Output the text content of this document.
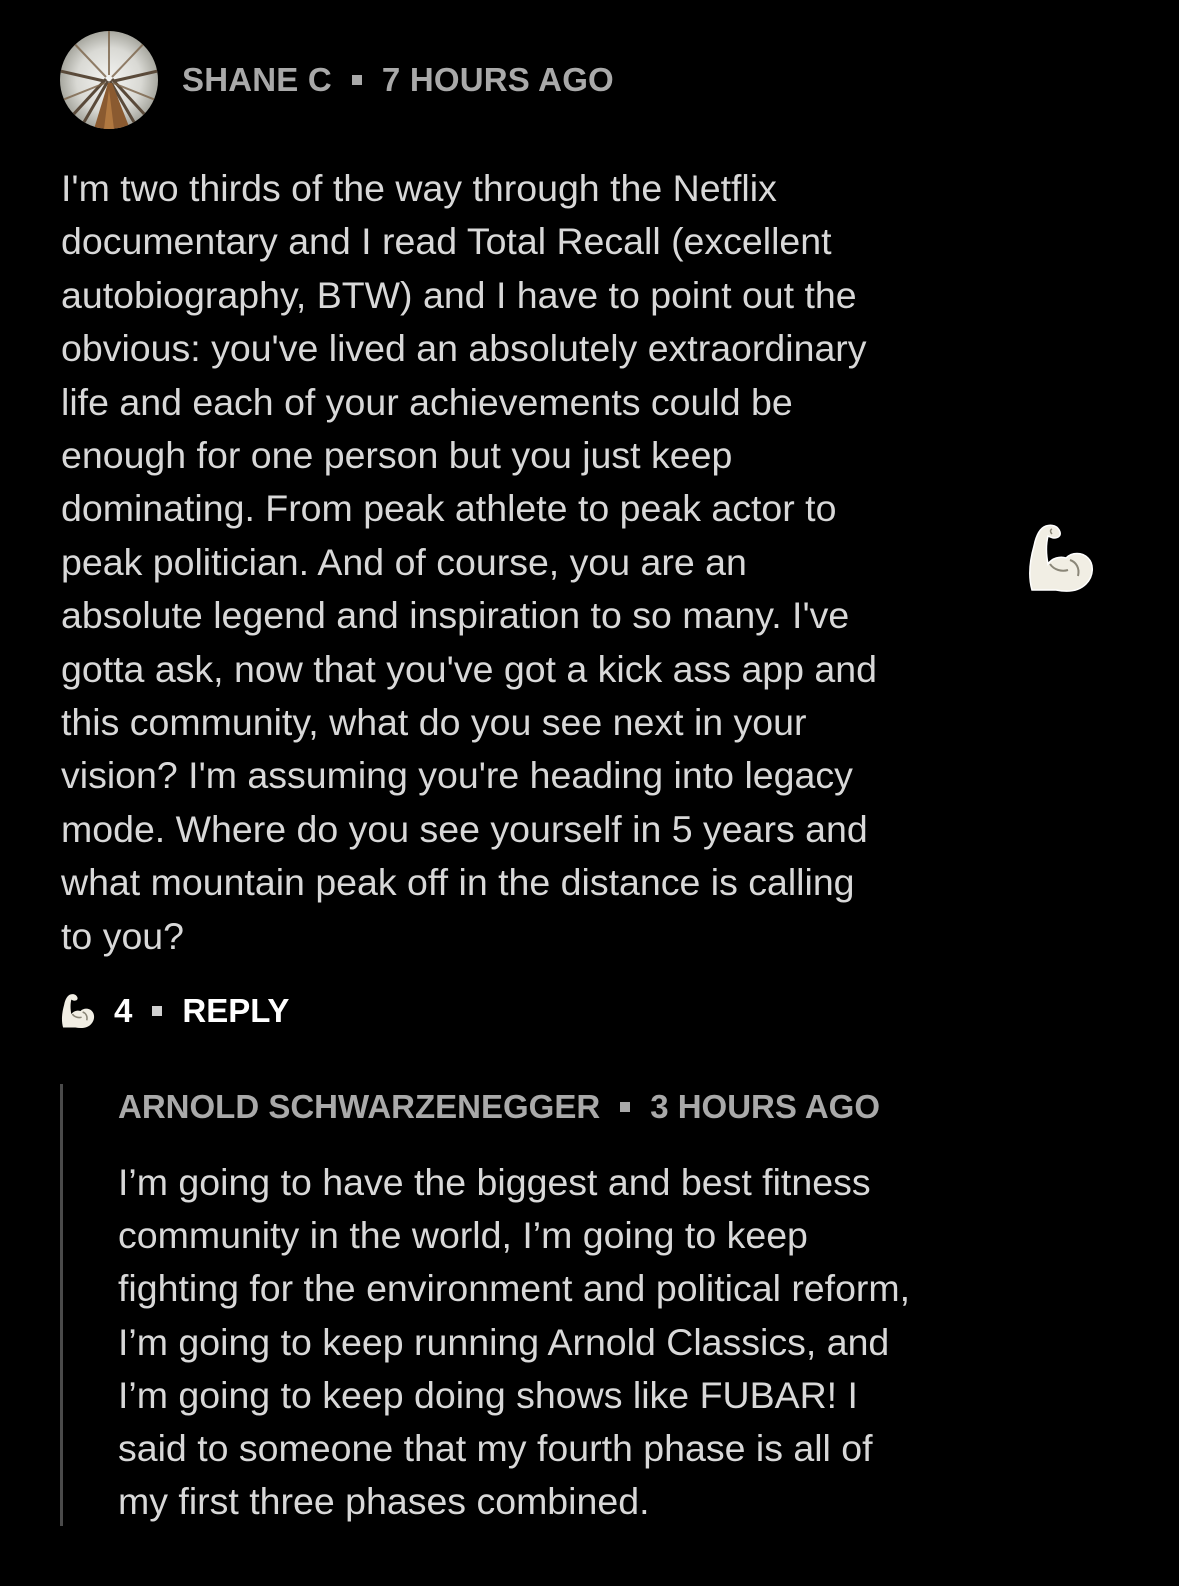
SHANE C 7 HOURS AGO
I'm two thirds of the way through the Netflix
documentary and I read Total Recall (excellent
autobiography, BTW) and I have to point out the
obvious: you've lived an absolutely extraordinary
life and each of your achievements could be
enough for one person but you just keep
dominating. From peak athlete to peak actor to
peak politician. And of course, you are an
absolute legend and inspiration to so many. I've
gotta ask, now that you've got a kick ass app and
this community, what do you see next in your
vision? I'm assuming you're heading into legacy
mode. Where do you see yourself in 5 years and
what mountain peak off in the distance is calling
to you?
4 REPLY
ARNOLD SCHWARZENEGGER 3 HOURS AGO
I’m going to have the biggest and best fitness
community in the world, I’m going to keep
fighting for the environment and political reform,
I’m going to keep running Arnold Classics, and
I’m going to keep doing shows like FUBAR! I
said to someone that my fourth phase is all of
my first three phases combined.
